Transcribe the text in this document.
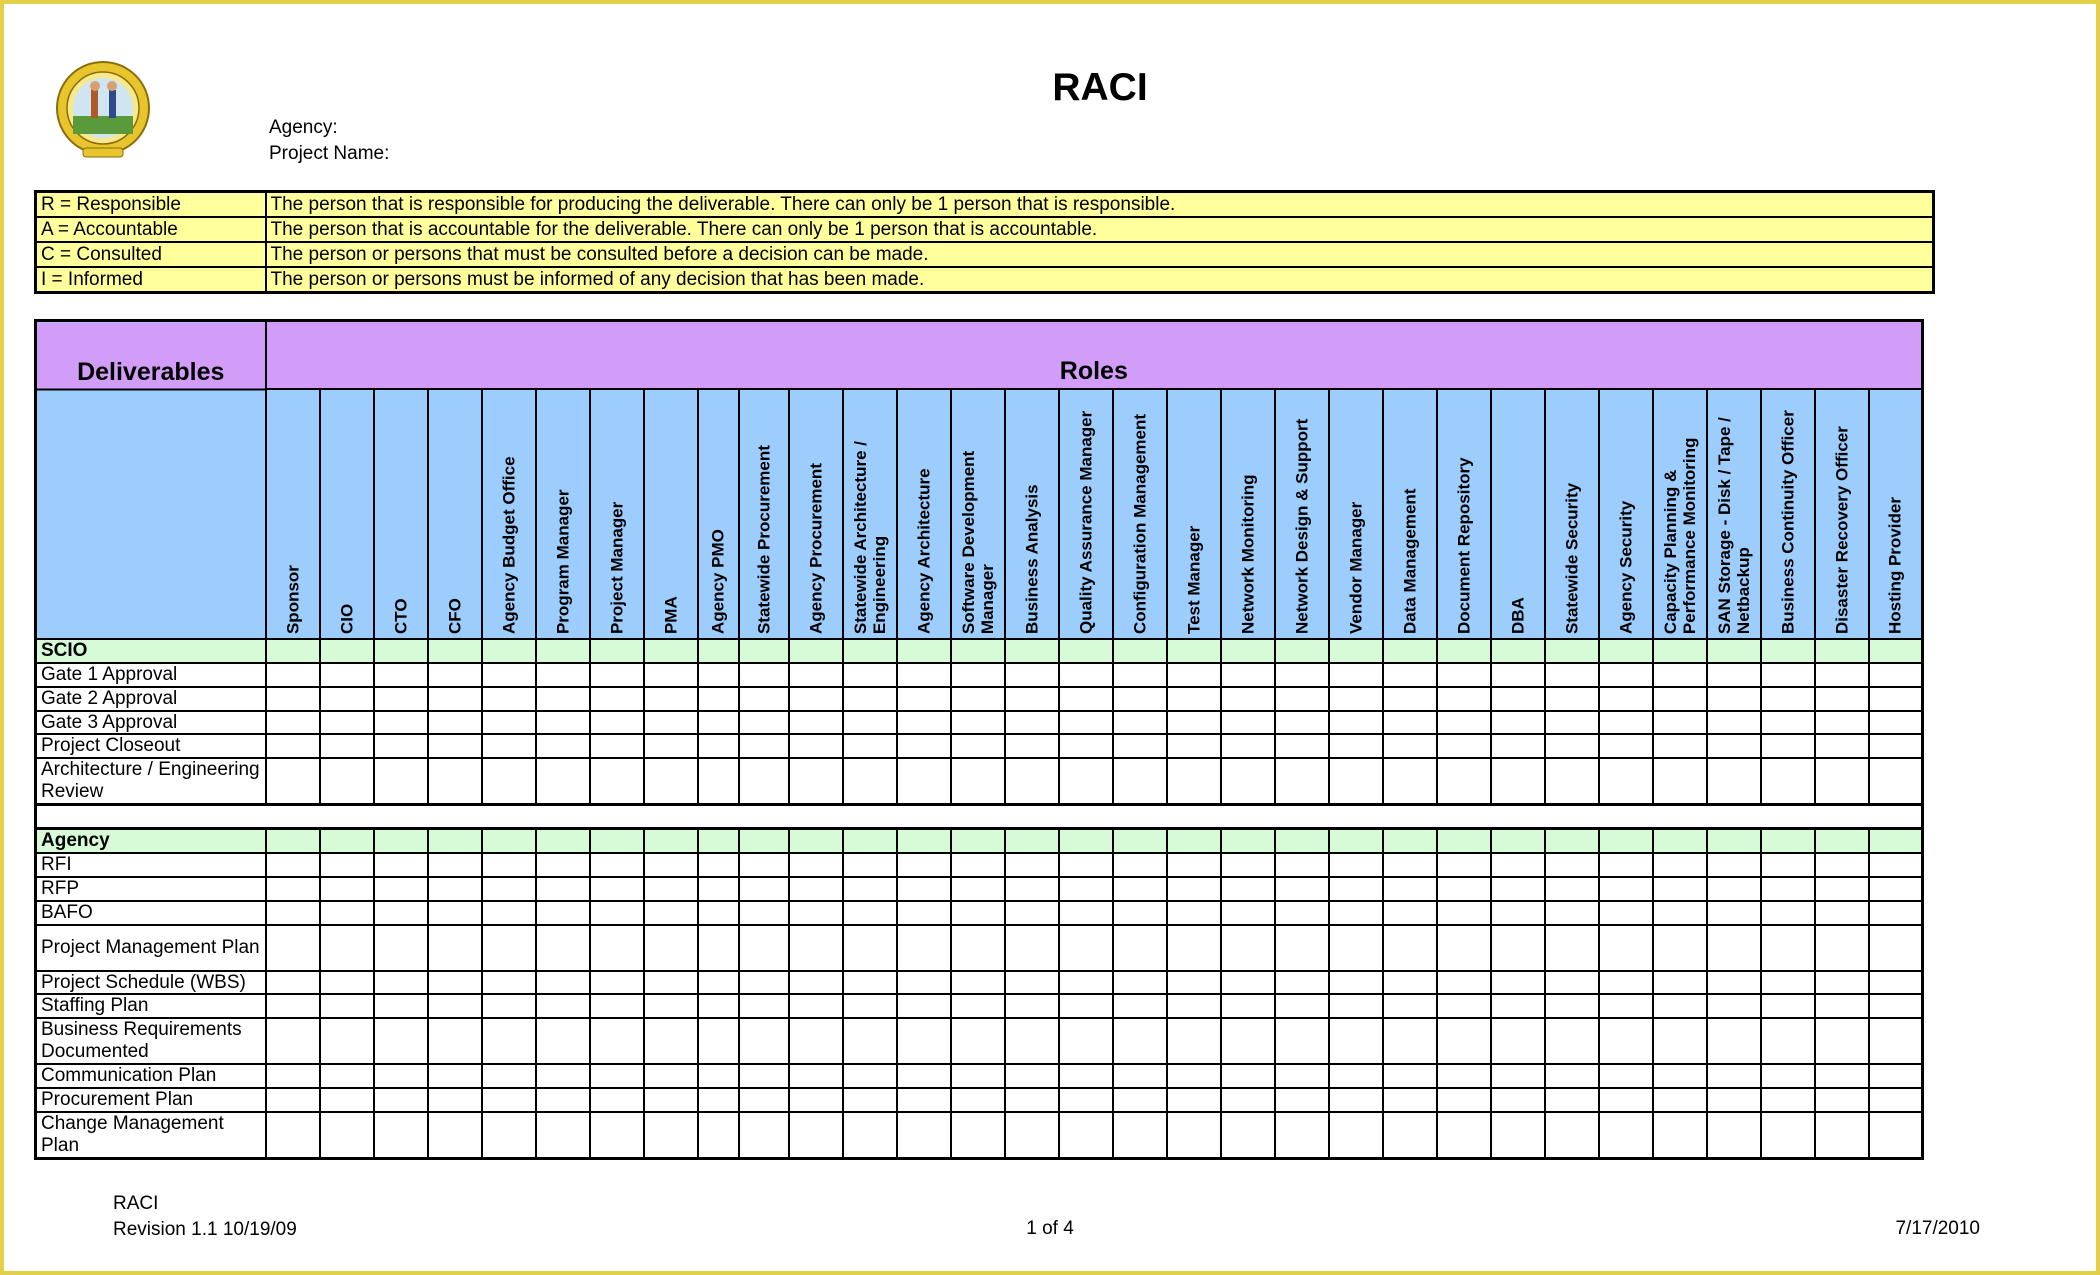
RACI
Agency:
Project Name:
R = Responsible	The person that is responsible for producing the deliverable. There can only be 1 person that is responsible.
A = Accountable	The person that is accountable for the deliverable. There can only be 1 person that is accountable.
C = Consulted	The person or persons that must be consulted before a decision can be made.
I = Informed	The person or persons must be informed of any decision that has been made.
Deliverables	Roles																														

	Sponsor	CIO	CTO	CFO	Agency Budget Office	Program Manager	Project Manager	PMA	Agency PMO	Statewide Procurement	Agency Procurement	Statewide Architecture / Engineering	Agency Architecture	Software Development Manager	Business Analysis	Quality Assurance Manager	Configuration Management	Test Manager	Network Monitoring	Network Design & Support	Vendor Manager	Data Management	Document Repository	DBA	Statewide Security	Agency Security	Capacity Planning & Performance Monitoring	SAN Storage - Disk / Tape / Netbackup	Business Continuity Officer	Disaster Recovery Officer	Hosting Provider

SCIO																															
Gate 1 Approval																															
Gate 2 Approval																															
Gate 3 Approval																															
Project Closeout																															
Architecture / Engineering Review																															

Agency																															
RFI																															
RFP																															
BAFO																															
Project Management Plan																															
Project Schedule (WBS)																															
Staffing Plan																															
Business Requirements Documented																															
Communication Plan																															
Procurement Plan																															
Change Management Plan																															
RACI
Revision 1.1 10/19/09	1 of 4	7/17/2010
